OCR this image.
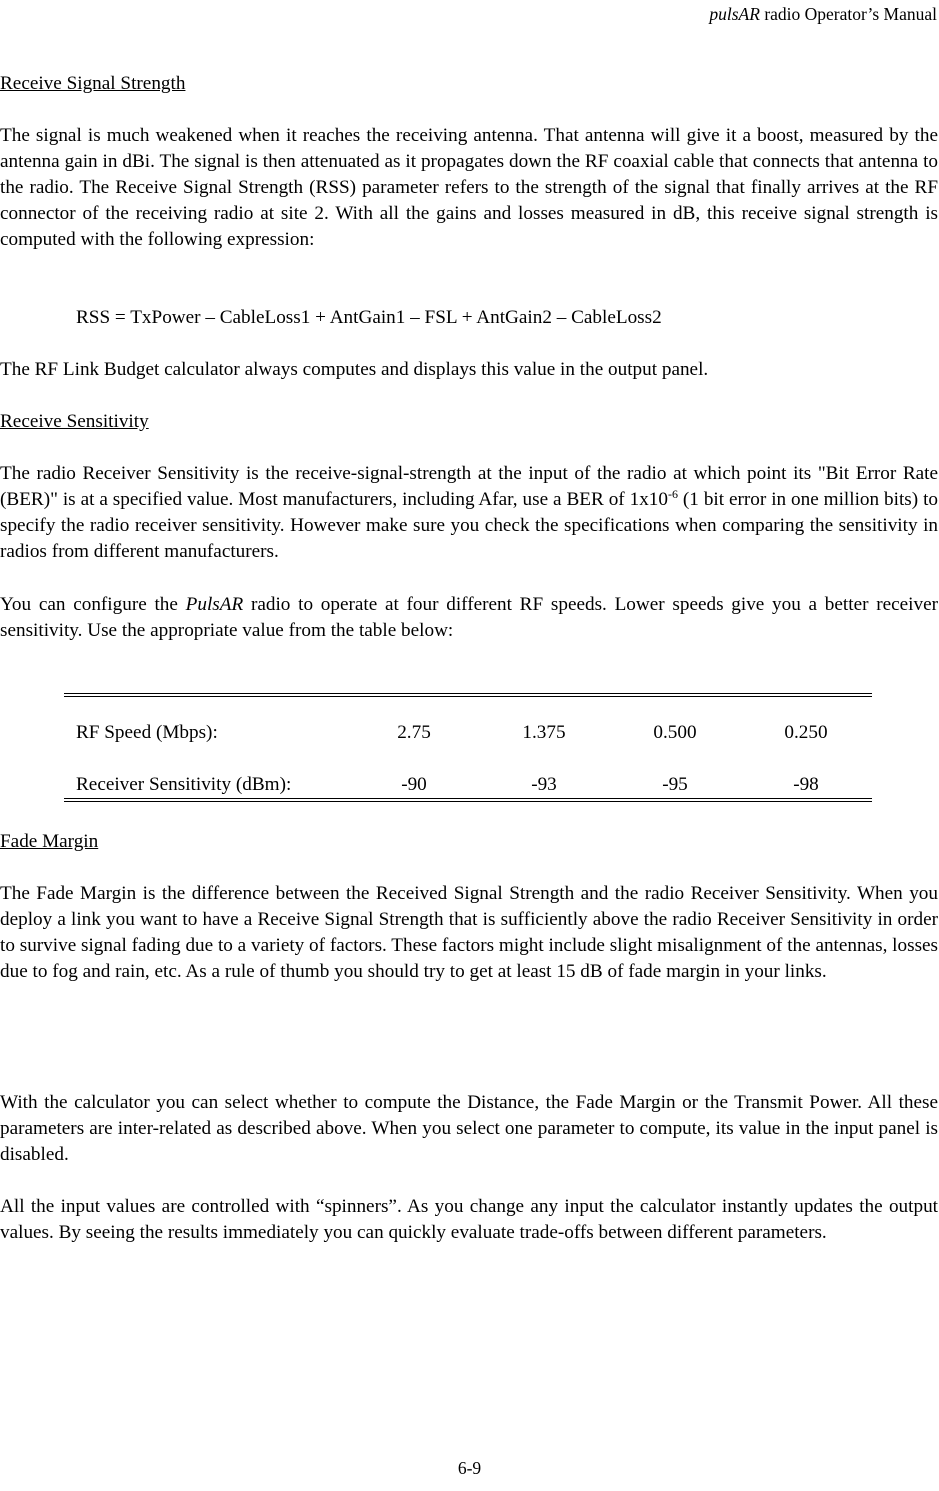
pulsAR radio Operator’s Manual
Receive Signal Strength
The signal is much weakened when it reaches the receiving antenna. That antenna will give it a boost, measured by the antenna gain in dBi. The signal is then attenuated as it propagates down the RF coaxial cable that connects that antenna to the radio. The Receive Signal Strength (RSS) parameter refers to the strength of the signal that finally arrives at the RF connector of the receiving radio at site 2. With all the gains and losses measured in dB, this receive signal strength is computed with the following expression:
RSS = TxPower – CableLoss1 + AntGain1 – FSL + AntGain2 – CableLoss2
The RF Link Budget calculator always computes and displays this value in the output panel.
Receive Sensitivity
The radio Receiver Sensitivity is the receive-signal-strength at the input of the radio at which point its "Bit Error Rate (BER)" is at a specified value. Most manufacturers, including Afar, use a BER of $1x10^{-6}$ (1 bit error in one million bits) to specify the radio receiver sensitivity. However make sure you check the specifications when comparing the sensitivity in radios from different manufacturers.
You can configure the PulsAR radio to operate at four different RF speeds. Lower speeds give you a better receiver sensitivity. Use the appropriate value from the table below:
RF Speed (Mbps):	2.75	1.375	0.500	0.250
Receiver Sensitivity (dBm):	-90	-93	-95	-98
Fade Margin
The Fade Margin is the difference between the Received Signal Strength and the radio Receiver Sensitivity. When you deploy a link you want to have a Receive Signal Strength that is sufficiently above the radio Receiver Sensitivity in order to survive signal fading due to a variety of factors. These factors might include slight misalignment of the antennas, losses due to fog and rain, etc. As a rule of thumb you should try to get at least 15 dB of fade margin in your links.
With the calculator you can select whether to compute the Distance, the Fade Margin or the Transmit Power. All these parameters are inter-related as described above. When you select one parameter to compute, its value in the input panel is disabled.
All the input values are controlled with “spinners”. As you change any input the calculator instantly updates the output values. By seeing the results immediately you can quickly evaluate trade-offs between different parameters.
6-9
